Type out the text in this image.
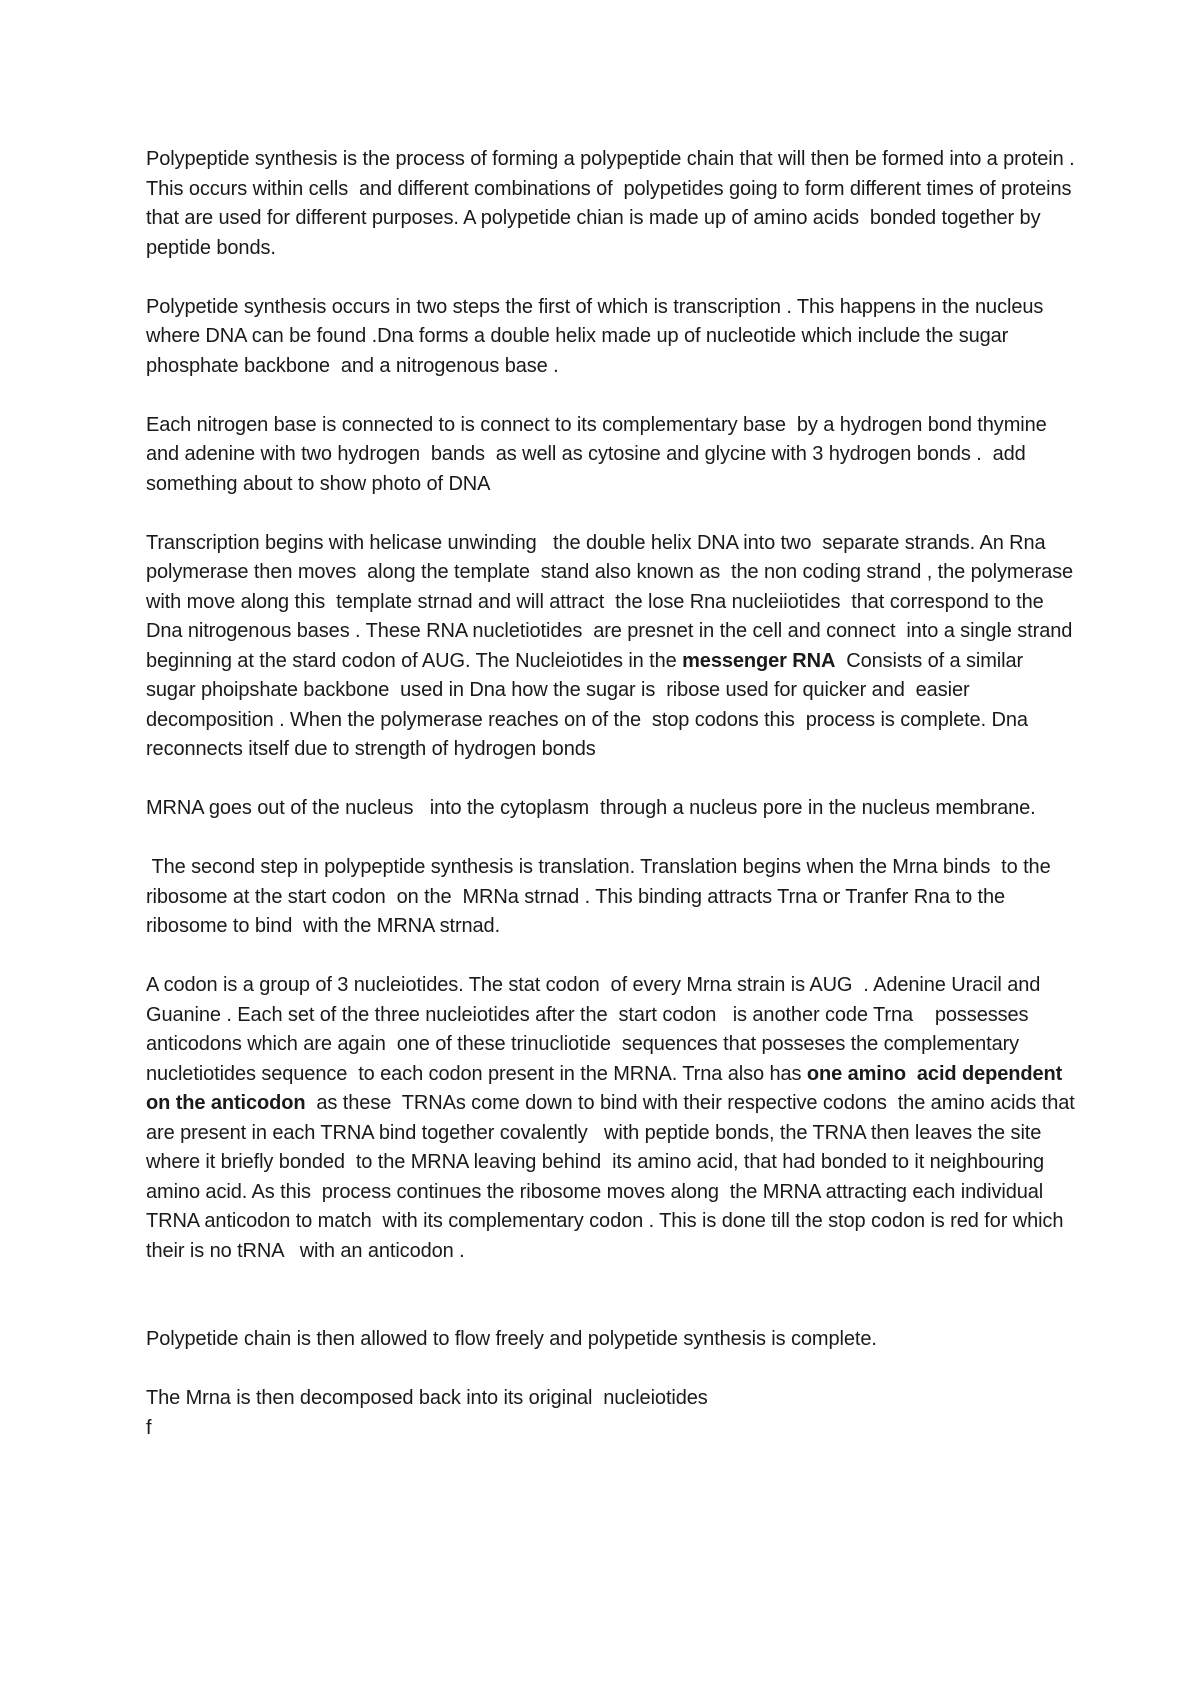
Polypeptide synthesis is the process of forming a polypeptide chain that will then be formed into a protein . This occurs within cells  and different combinations of  polypetides going to form different times of proteins  that are used for different purposes. A polypetide chian is made up of amino acids  bonded together by peptide bonds.

Polypetide synthesis occurs in two steps the first of which is transcription . This happens in the nucleus where DNA can be found .Dna forms a double helix made up of nucleotide which include the sugar phosphate backbone  and a nitrogenous base .

Each nitrogen base is connected to is connect to its complementary base  by a hydrogen bond thymine  and adenine with two hydrogen  bands  as well as cytosine and glycine with 3 hydrogen bonds .  add something about to show photo of DNA

Transcription begins with helicase unwinding   the double helix DNA into two  separate strands. An Rna polymerase then moves  along the template  stand also known as  the non coding strand , the polymerase with move along this  template strnad and will attract  the lose Rna nucleiiotides  that correspond to the Dna nitrogenous bases . These RNA nucletiotides  are presnet in the cell and connect  into a single strand  beginning at the stard codon of AUG. The Nucleiotides in the messenger RNA  Consists of a similar sugar phoipshate backbone  used in Dna how the sugar is  ribose used for quicker and  easier decomposition . When the polymerase reaches on of the  stop codons this  process is complete. Dna reconnects itself due to strength of hydrogen bonds

MRNA goes out of the nucleus   into the cytoplasm  through a nucleus pore in the nucleus membrane.

The second step in polypeptide synthesis is translation. Translation begins when the Mrna binds  to the ribosome at the start codon  on the  MRNa strnad . This binding attracts Trna or Tranfer Rna to the ribosome to bind  with the MRNA strnad.

A codon is a group of 3 nucleiotides. The stat codon  of every Mrna strain is AUG  . Adenine Uracil and  Guanine . Each set of the three nucleiotides after the  start codon   is another code Trna    possesses anticodons which are again  one of these trinucliotide  sequences that posseses the complementary nucletiotides sequence  to each codon present in the MRNA. Trna also has one amino  acid dependent on the anticodon  as these  TRNAs come down to bind with their respective codons  the amino acids that are present in each TRNA bind together covalently   with peptide bonds, the TRNA then leaves the site where it briefly bonded  to the MRNA leaving behind  its amino acid, that had bonded to it neighbouring amino acid. As this  process continues the ribosome moves along  the MRNA attracting each individual TRNA anticodon to match  with its complementary codon . This is done till the stop codon is red for which their is no tRNA   with an anticodon .

Polypetide chain is then allowed to flow freely and polypetide synthesis is complete.

The Mrna is then decomposed back into its original  nucleiotides

f
